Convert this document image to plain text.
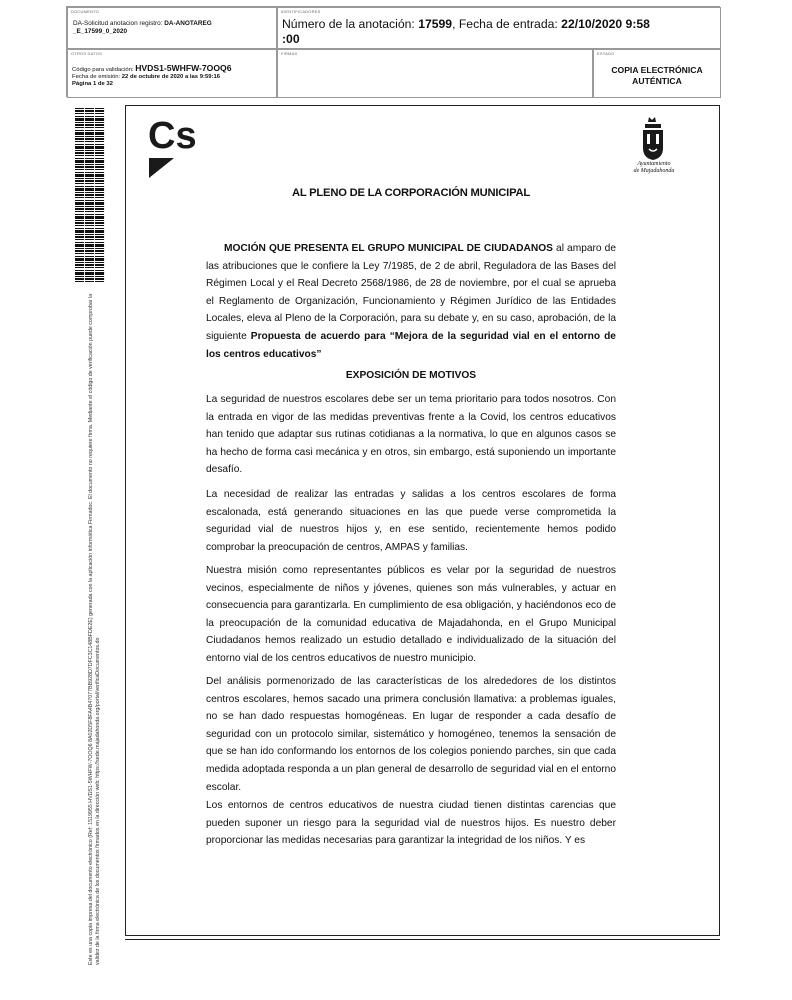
DOCUMENTO
DA-Solicitud anotacion registro: DA-ANOTAREG
_E_17599_0_2020
IDENTIFICADORES
Número de la anotación: 17599, Fecha de entrada: 22/10/2020 9:58
:00
OTROS DATOS
Código para validación: HVDS1-5WHFW-7OOQ6
Fecha de emisión: 22 de octubre de 2020 a las 9:59:16
Página 1 de 32
FIRMAS	ESTADO
COPIA ELECTRÓNICA
AUTÉNTICA
Este es una copia impresa del documento electrónico (Ref: 1519955 HVDS1-5WHFW-7OOQ6 8A02D5F8FA4B47077BB928D7DFC3C148BFDE2E) generada con la aplicación informática Firmadoc. El documento no requiere firma. Mediante el código de verificación puede comprobar la validez de la firma electrónica de los documentos firmados en la dirección web: https://sede.majadahonda.org/portal/verificaDocumentos.do
Cs
Ayuntamiento
de Majadahonda
AL PLENO DE LA CORPORACIÓN MUNICIPAL
MOCIÓN QUE PRESENTA EL GRUPO MUNICIPAL DE CIUDADANOS al amparo de las atribuciones que le confiere la Ley 7/1985, de 2 de abril, Reguladora de las Bases del Régimen Local y el Real Decreto 2568/1986, de 28 de noviembre, por el cual se aprueba el Reglamento de Organización, Funcionamiento y Régimen Jurídico de las Entidades Locales, eleva al Pleno de la Corporación, para su debate y, en su caso, aprobación, de la siguiente Propuesta de acuerdo para “Mejora de la seguridad vial en el entorno de los centros educativos”
EXPOSICIÓN DE MOTIVOS
La seguridad de nuestros escolares debe ser un tema prioritario para todos nosotros. Con la entrada en vigor de las medidas preventivas frente a la Covid, los centros educativos han tenido que adaptar sus rutinas cotidianas a la normativa, lo que en algunos casos se ha hecho de forma casi mecánica y en otros, sin embargo, está suponiendo un importante desafío.
La necesidad de realizar las entradas y salidas a los centros escolares de forma escalonada, está generando situaciones en las que puede verse comprometida la seguridad vial de nuestros hijos y, en ese sentido, recientemente hemos podido comprobar la preocupación de centros, AMPAS y familias.
Nuestra misión como representantes públicos es velar por la seguridad de nuestros vecinos, especialmente de niños y jóvenes, quienes son más vulnerables, y actuar en consecuencia para garantizarla. En cumplimiento de esa obligación, y haciéndonos eco de la preocupación de la comunidad educativa de Majadahonda, en el Grupo Municipal Ciudadanos hemos realizado un estudio detallado e individualizado de la situación del entorno vial de los centros educativos de nuestro municipio.
Del análisis pormenorizado de las características de los alrededores de los distintos centros escolares, hemos sacado una primera conclusión llamativa: a problemas iguales, no se han dado respuestas homogéneas. En lugar de responder a cada desafío de seguridad con un protocolo similar, sistemático y homogéneo, tenemos la sensación de que se han ido conformando los entornos de los colegios poniendo parches, sin que cada medida adoptada responda a un plan general de desarrollo de seguridad vial en el entorno escolar.
Los entornos de centros educativos de nuestra ciudad tienen distintas carencias que pueden suponer un riesgo para la seguridad vial de nuestros hijos. Es nuestro deber proporcionar las medidas necesarias para garantizar la integridad de los niños. Y es
